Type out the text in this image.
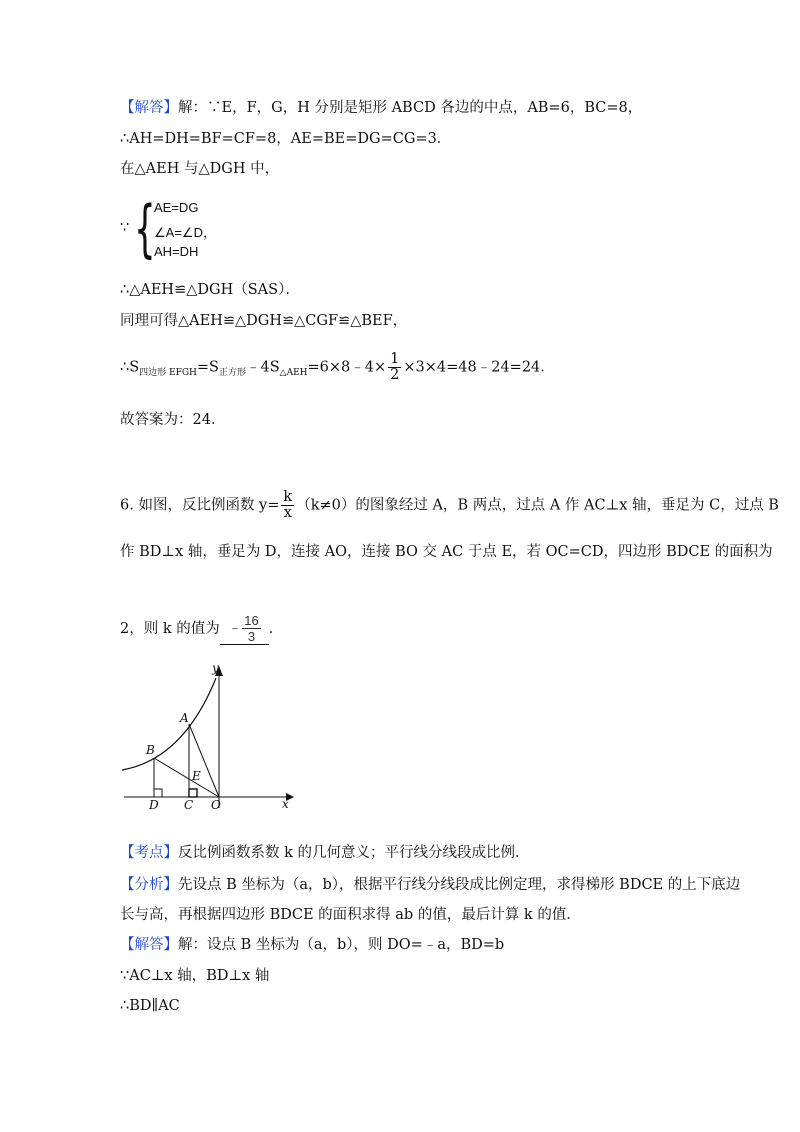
【解答】解：∵E，F，G，H 分别是矩形 ABCD 各边的中点，AB=6，BC=8，
∴AH=DH=BF=CF=8，AE=BE=DG=CG=3．
在△AEH 与△DGH 中，
∵ {
AE=DG
∠A=∠D，
AH=DH
∴△AEH≌△DGH（SAS）．
同理可得△AEH≌△DGH≌△CGF≌△BEF，
$\therefore S_{四边形 EFGH}=S_{正方形}﹣4S_{\triangle AEH}=6\times 8﹣4\times \frac{1}{2}$ ×3×4=48﹣24=24．
故答案为：24．
6. 如图，反比例函数 $y= \frac{k}{x} (k\ne 0)$的图象经过 A，B 两点，过点 A 作 AC⊥x 轴，垂足为 C，过点 B
作 BD⊥x 轴，垂足为 D，连接 AO，连接 BO 交 AC 于点 E，若 OC=CD，四边形 BDCE 的面积为
2，则 k 的值为 ﹣ $\frac{16}{3}$ ．
y
x
A
B
E
D C O
【考点】反比例函数系数 k 的几何意义；平行线分线段成比例．
【分析】先设点 B 坐标为（a，b），根据平行线分线段成比例定理，求得梯形 BDCE 的上下底边
长与高，再根据四边形 BDCE 的面积求得 ab 的值，最后计算 k 的值．
【解答】解：设点 B 坐标为（a，b），则 DO=﹣a，BD=b
∵AC⊥x 轴，BD⊥x 轴
∴BD∥AC
